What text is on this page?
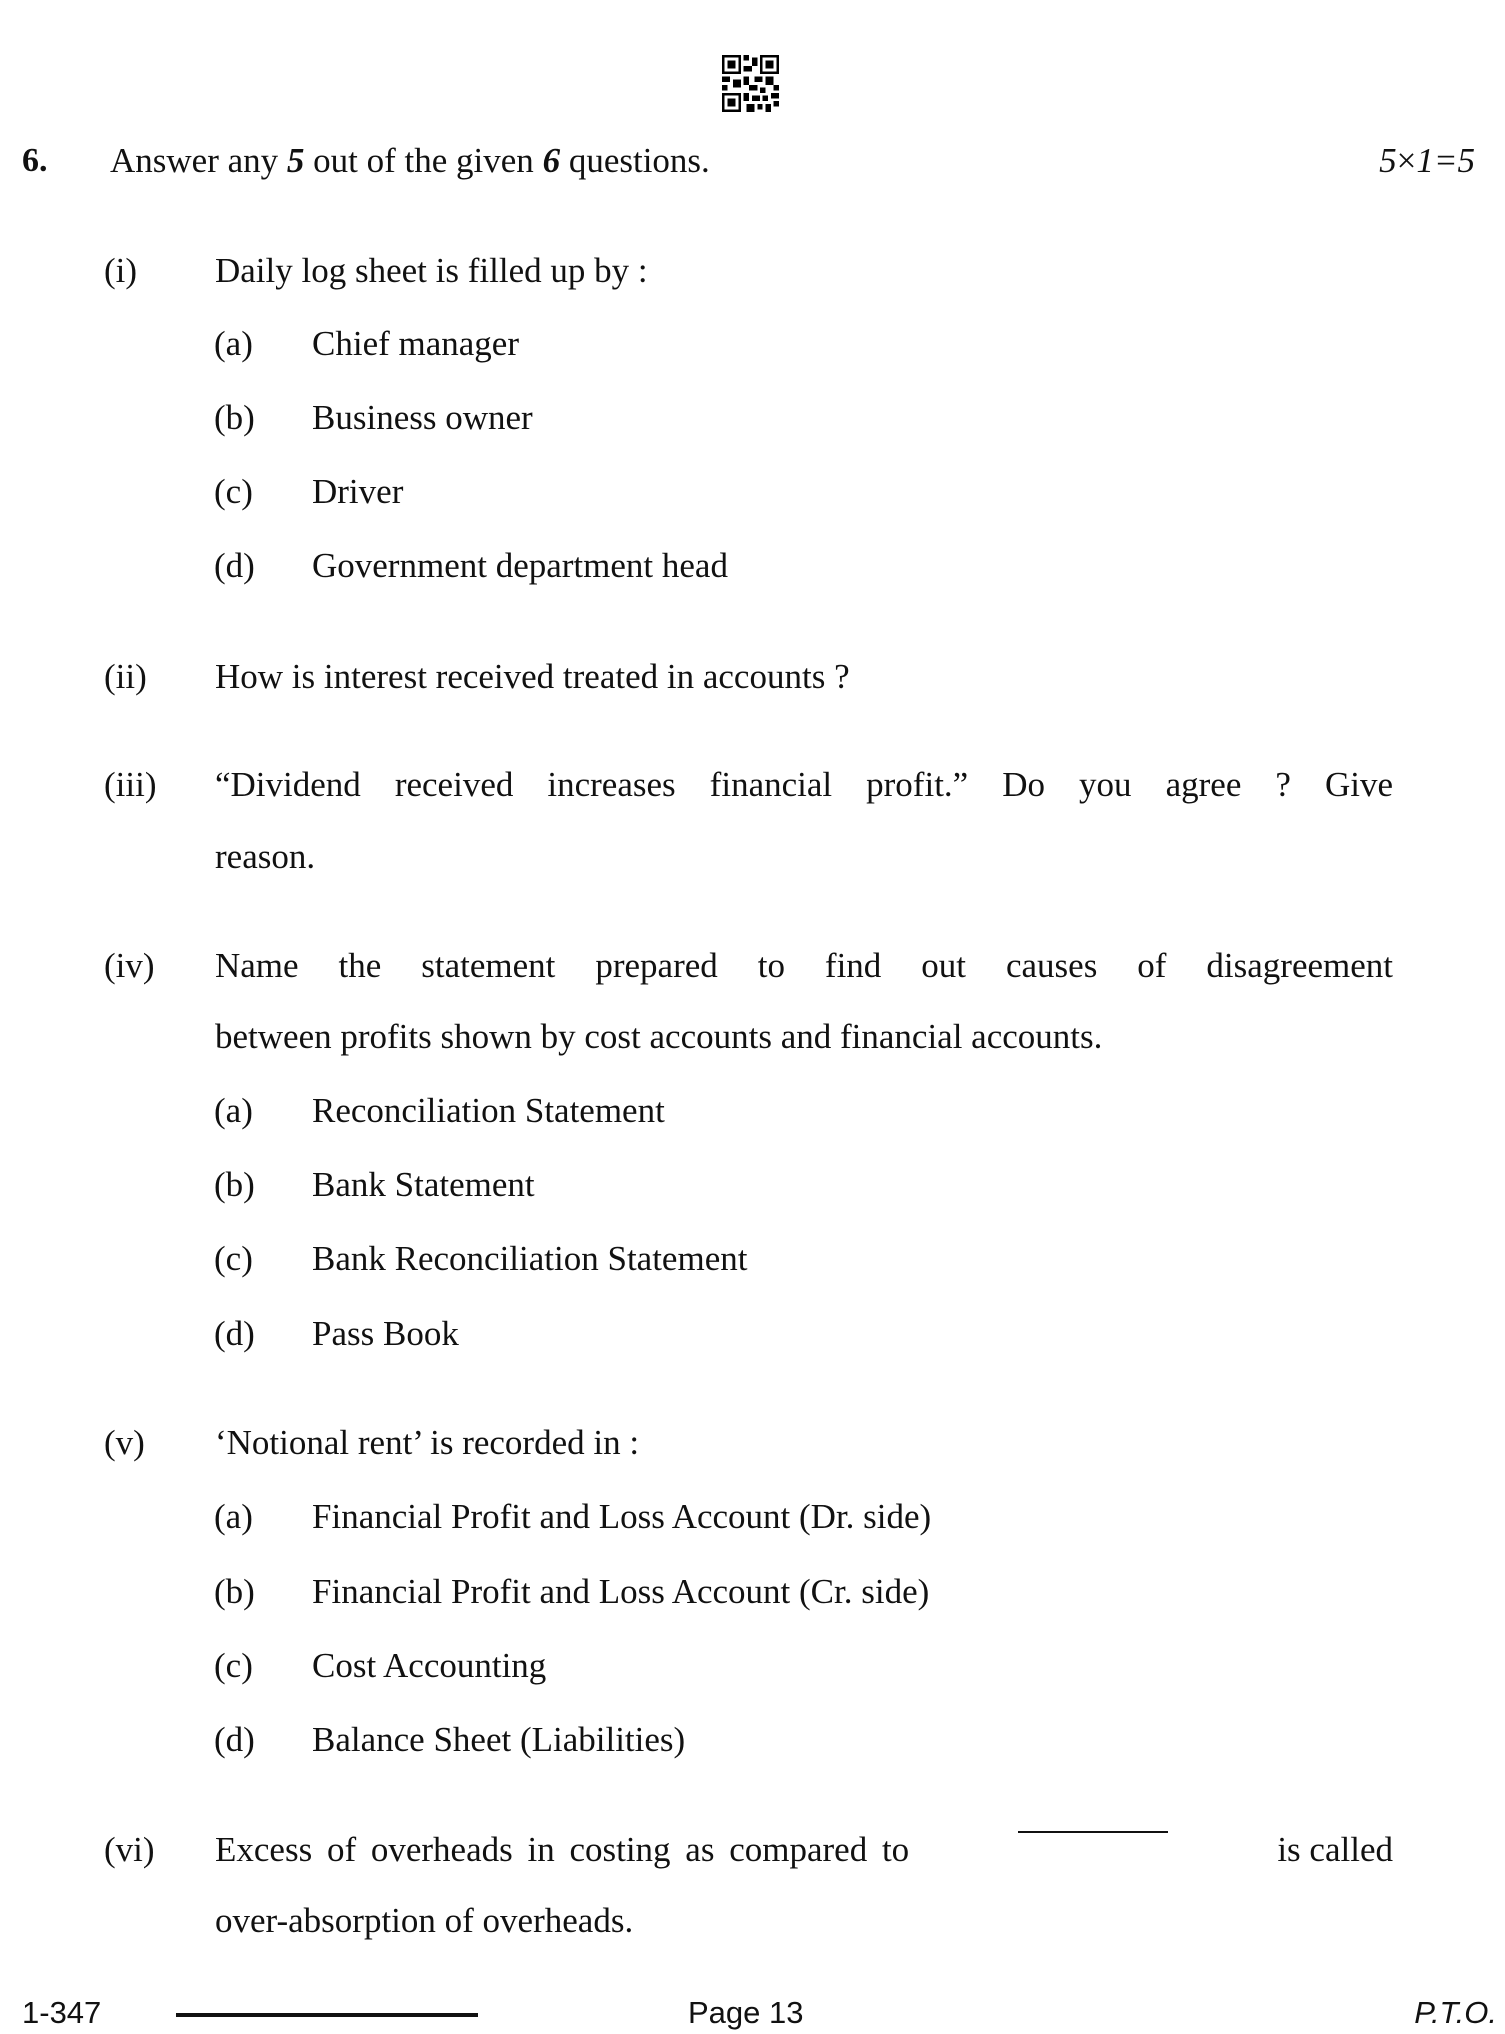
6. Answer any 5 out of the given 6 questions.	5×1=5
(i) Daily log sheet is filled up by :
(a) Chief manager
(b) Business owner
(c) Driver
(d) Government department head
(ii) How is interest received treated in accounts ?
(iii) “Dividend received increases financial profit.” Do you agree ? Give
reason.
(iv) Name the statement prepared to find out causes of disagreement
between profits shown by cost accounts and financial accounts.
(a) Reconciliation Statement
(b) Bank Statement
(c) Bank Reconciliation Statement
(d) Pass Book
(v) ‘Notional rent’ is recorded in :
(a) Financial Profit and Loss Account (Dr. side)
(b) Financial Profit and Loss Account (Cr. side)
(c) Cost Accounting
(d) Balance Sheet (Liabilities)
(vi) Excess of overheads in costing as compared to	is called
over-absorption of overheads.
1-347	Page 13	P.T.O.
